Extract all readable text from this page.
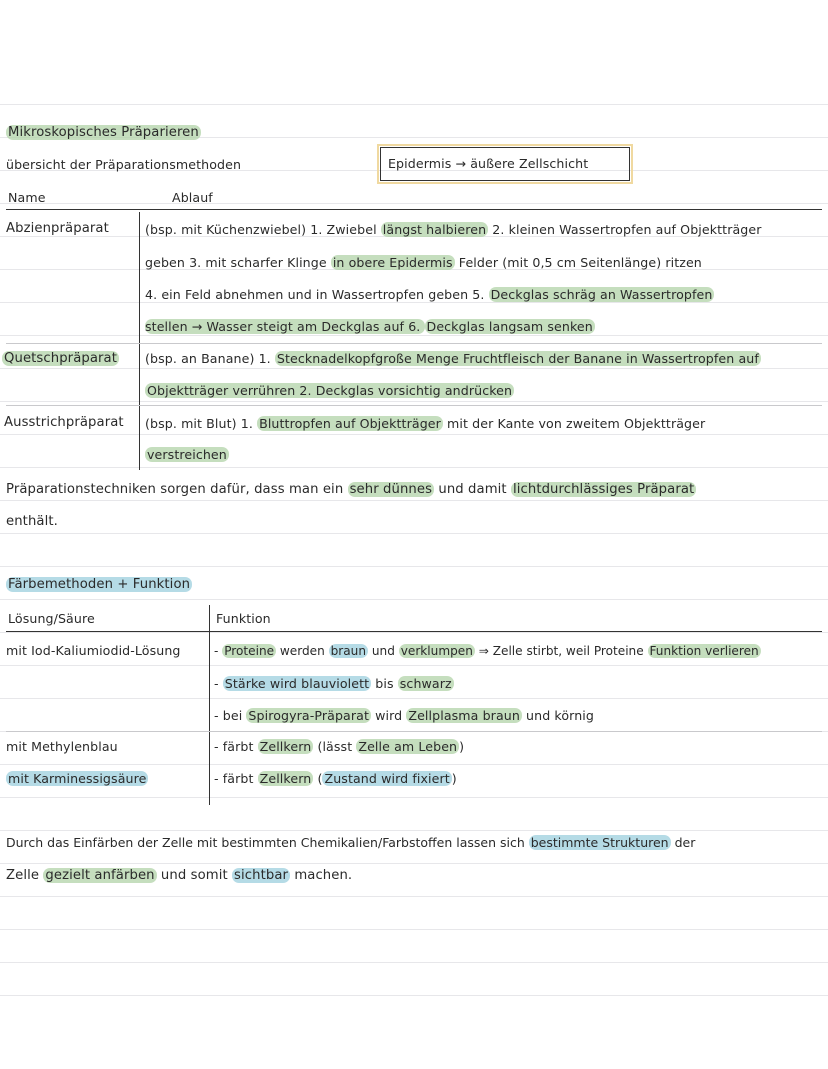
Mikroskopisches Präparieren
übersicht der Präparationsmethoden	Epidermis → äußere Zellschicht
Name	Ablauf
Abzienpräparat	(bsp. mit Küchenzwiebel) 1. Zwiebel längst halbieren 2. kleinen Wassertropfen auf Objektträger
geben 3. mit scharfer Klinge in obere Epidermis Felder (mit 0,5 cm Seitenlänge) ritzen
4. ein Feld abnehmen und in Wassertropfen geben 5. Deckglas schräg an Wassertropfen
stellen → Wasser steigt am Deckglas auf 6. Deckglas langsam senken
Quetschpräparat (bsp. an Banane) 1. Stecknadelkopfgroße Menge Fruchtfleisch der Banane in Wassertropfen auf
Objektträger verrühren 2. Deckglas vorsichtig andrücken
Ausstrichpräparat (bsp. mit Blut) 1. Bluttropfen auf Objektträger mit der Kante von zweitem Objektträger
verstreichen
Präparationstechniken sorgen dafür, dass man ein sehr dünnes und damit lichtdurchlässiges Präparat
enthält.
Färbemethoden + Funktion
Lösung/Säure	Funktion
mit Iod-Kaliumiodid-Lösung	- Proteine werden braun und verklumpen ⇒ Zelle stirbt, weil Proteine Funktion verlieren
- Stärke wird blauviolett bis schwarz
- bei Spirogyra-Präparat wird Zellplasma braun und körnig
mit Methylenblau	- färbt Zellkern (lässt Zelle am Leben )
mit Karminessigsäure	- färbt Zellkern ( Zustand wird fixiert )
Durch das Einfärben der Zelle mit bestimmten Chemikalien/Farbstoffen lassen sich bestimmte Strukturen der
Zelle gezielt anfärben und somit sichtbar machen.
